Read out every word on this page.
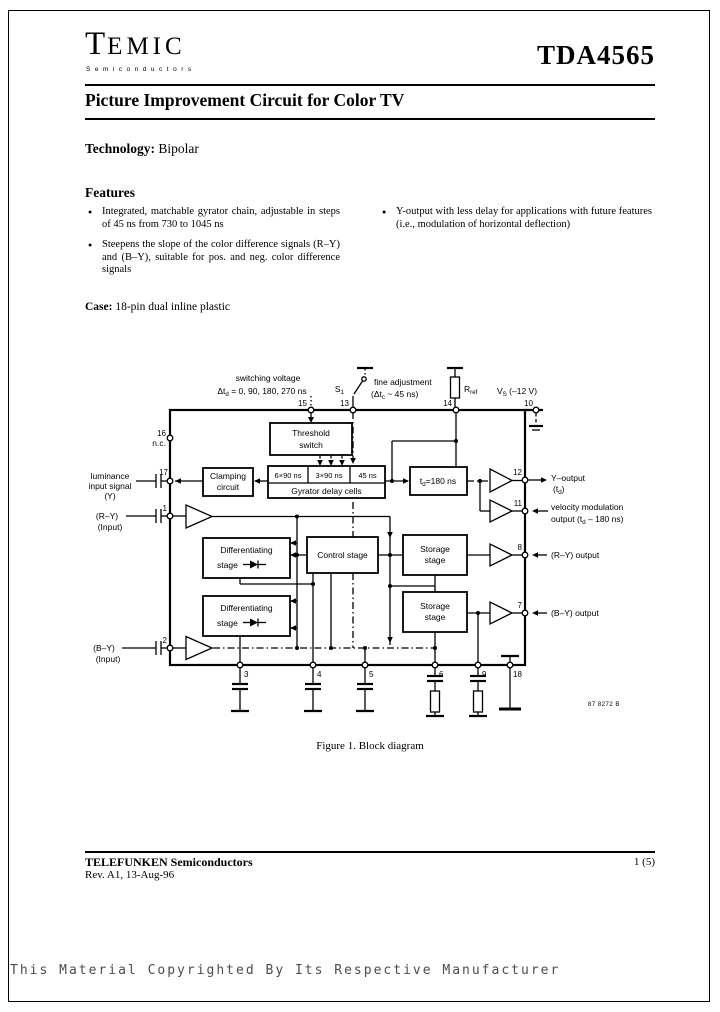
TEMIC
Semiconductors	TDA4565
Picture Improvement Circuit for Color TV
Technology: Bipolar
Features
● Integrated, matchable gyrator chain, adjustable in steps of 45 ns from 730 to 1045 ns
● Steepens the slope of the color difference signals (R–Y) and (B–Y), suitable for pos. and neg. color difference signals
● Y-output with less delay for applications with future features (i.e., modulation of horizontal deflection)
Case: 18-pin dual inline plastic
switching voltage
$\Delta t_d = 0$, 90, 180, 270 ns	$S_1$
fine adjustment
($\Delta t_c$ ~ 45 ns)	$R_{ref}$ $V_S$ (–12 V)
n.c.
Threshold
switch
Clamping
circuit
6×90 ns 3×90 ns 45 ns
Gyrator delay cells
$t_d=180$ ns
Differentiating
stage
Differentiating
stage
Control stage
Storage
stage
Storage
stage
luminance
input signal
(Y)
(R–Y)
(Input)
(B–Y)
(Input)
Y–output
$(t_d)$
velocity modulation
output ($t_d - 180$ ns)
(R–Y) output
(B–Y) output
15	13	14	10
16
17
1
2
12
11
8
7
3	4	5	6	9	18
87 8272 B
Figure 1. Block diagram
TELEFUNKEN Semiconductors	1 (5)
Rev. A1, 13-Aug-96
This Material Copyrighted By Its Respective Manufacturer
